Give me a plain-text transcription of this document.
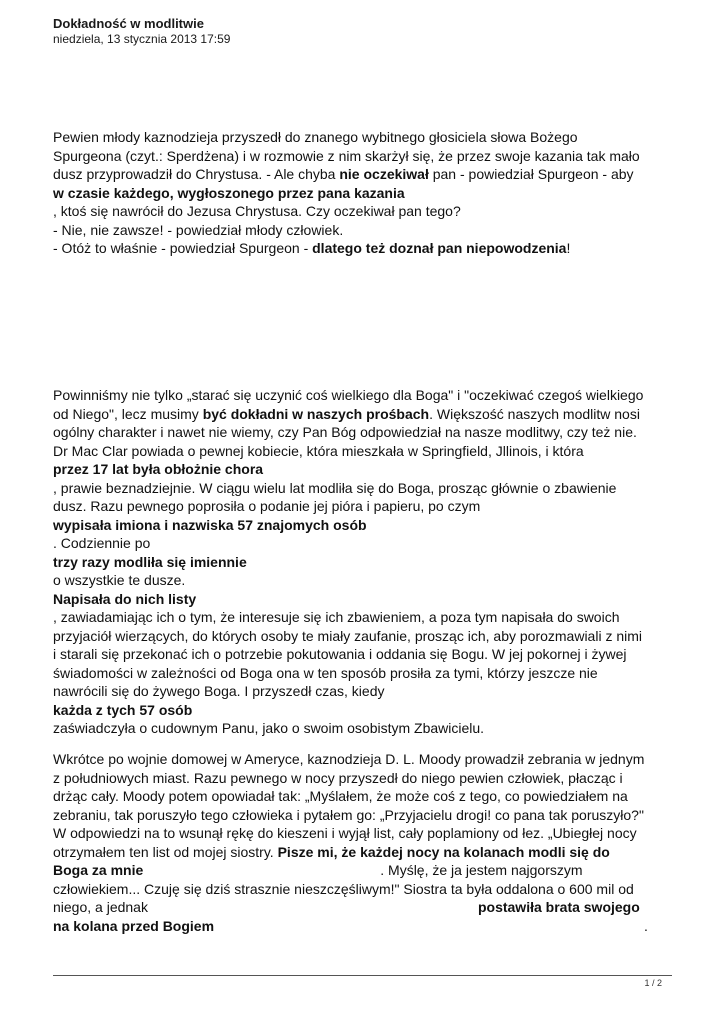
Dokładność w modlitwie
niedziela, 13 stycznia 2013 17:59
Pewien młody kaznodzieja przyszedł do znanego wybitnego głosiciela słowa Bożego
Spurgeona (czyt.: Sperdżena) i w rozmowie z nim skarżył się, że przez swoje kazania tak mało
dusz przyprowadził do Chrystusa. - Ale chyba nie oczekiwał pan - powiedział Spurgeon - aby
w czasie każdego, wygłoszonego przez pana kazania
, ktoś się nawrócił do Jezusa Chrystusa. Czy oczekiwał pan tego?
- Nie, nie zawsze! - powiedział młody człowiek.
- Otóż to właśnie - powiedział Spurgeon - dlatego też doznał pan niepowodzenia!
Powinniśmy nie tylko „starać się uczynić coś wielkiego dla Boga" i "oczekiwać czegoś wielkiego
od Niego", lecz musimy być dokładni w naszych prośbach. Większość naszych modlitw nosi
ogólny charakter i nawet nie wiemy, czy Pan Bóg odpowiedział na nasze modlitwy, czy też nie.
Dr Mac Clar powiada o pewnej kobiecie, która mieszkała w Springfield, Jllinois, i która
przez 17 lat była obłożnie chora
, prawie beznadziejnie. W ciągu wielu lat modliła się do Boga, prosząc głównie o zbawienie
dusz. Razu pewnego poprosiła o podanie jej pióra i papieru, po czym
wypisała imiona i nazwiska 57 znajomych osób
. Codziennie po
trzy razy modliła się imiennie
o wszystkie te dusze.
Napisała do nich listy
, zawiadamiając ich o tym, że interesuje się ich zbawieniem, a poza tym napisała do swoich
przyjaciół wierzących, do których osoby te miały zaufanie, prosząc ich, aby porozmawiali z nimi
i starali się przekonać ich o potrzebie pokutowania i oddania się Bogu. W jej pokornej i żywej
świadomości w zależności od Boga ona w ten sposób prosiła za tymi, którzy jeszcze nie
nawrócili się do żywego Boga. I przyszedł czas, kiedy
każda z tych 57 osób
zaświadczyła o cudownym Panu, jako o swoim osobistym Zbawicielu.
Wkrótce po wojnie domowej w Ameryce, kaznodzieja D. L. Moody prowadził zebrania w jednym
z południowych miast. Razu pewnego w nocy przyszedł do niego pewien człowiek, płacząc i
drżąc cały. Moody potem opowiadał tak: „Myślałem, że może coś z tego, co powiedziałem na
zebraniu, tak poruszyło tego człowieka i pytałem go: „Przyjacielu drogi! co pana tak poruszyło?"
W odpowiedzi na to wsunął rękę do kieszeni i wyjął list, cały poplamiony od łez. „Ubiegłej nocy
otrzymałem ten list od mojej siostry. Pisze mi, że każdej nocy na kolanach modli się do
Boga za mnie	. Myślę, że ja jestem najgorszym
człowiekiem... Czuję się dziś strasznie nieszczęśliwym!" Siostra ta była oddalona o 600 mil od
niego, a jednak	postawiła brata swojego
na kolana przed Bogiem	.
1 / 2
